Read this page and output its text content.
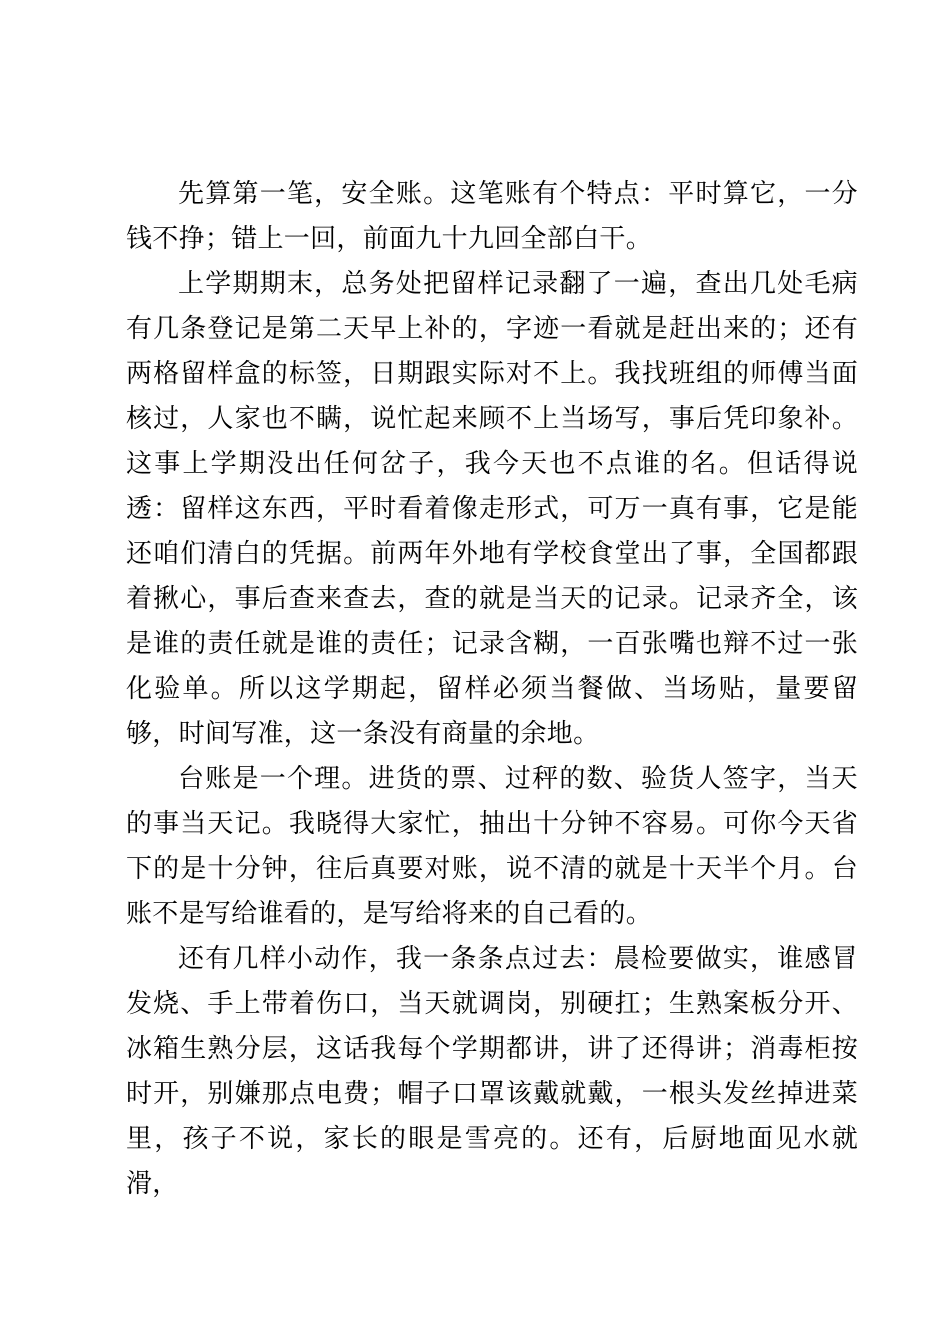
先算第一笔，安全账。这笔账有个特点：平时算它，一分钱不挣；错上一回，前面九十九回全部白干。

上学期期末，总务处把留样记录翻了一遍，查出几处毛病有几条登记是第二天早上补的，字迹一看就是赶出来的；还有两格留样盒的标签，日期跟实际对不上。我找班组的师傅当面核过，人家也不瞒，说忙起来顾不上当场写，事后凭印象补。这事上学期没出任何岔子，我今天也不点谁的名。但话得说透：留样这东西，平时看着像走形式，可万一真有事，它是能还咱们清白的凭据。前两年外地有学校食堂出了事，全国都跟着揪心，事后查来查去，查的就是当天的记录。记录齐全，该是谁的责任就是谁的责任；记录含糊，一百张嘴也辩不过一张化验单。所以这学期起，留样必须当餐做、当场贴，量要留够，时间写准，这一条没有商量的余地。

台账是一个理。进货的票、过秤的数、验货人签字，当天的事当天记。我晓得大家忙，抽出十分钟不容易。可你今天省下的是十分钟，往后真要对账，说不清的就是十天半个月。台账不是写给谁看的，是写给将来的自己看的。

还有几样小动作，我一条条点过去：晨检要做实，谁感冒发烧、手上带着伤口，当天就调岗，别硬扛；生熟案板分开、冰箱生熟分层，这话我每个学期都讲，讲了还得讲；消毒柜按时开，别嫌那点电费；帽子口罩该戴就戴，一根头发丝掉进菜里，孩子不说，家长的眼是雪亮的。还有，后厨地面见水就滑，
